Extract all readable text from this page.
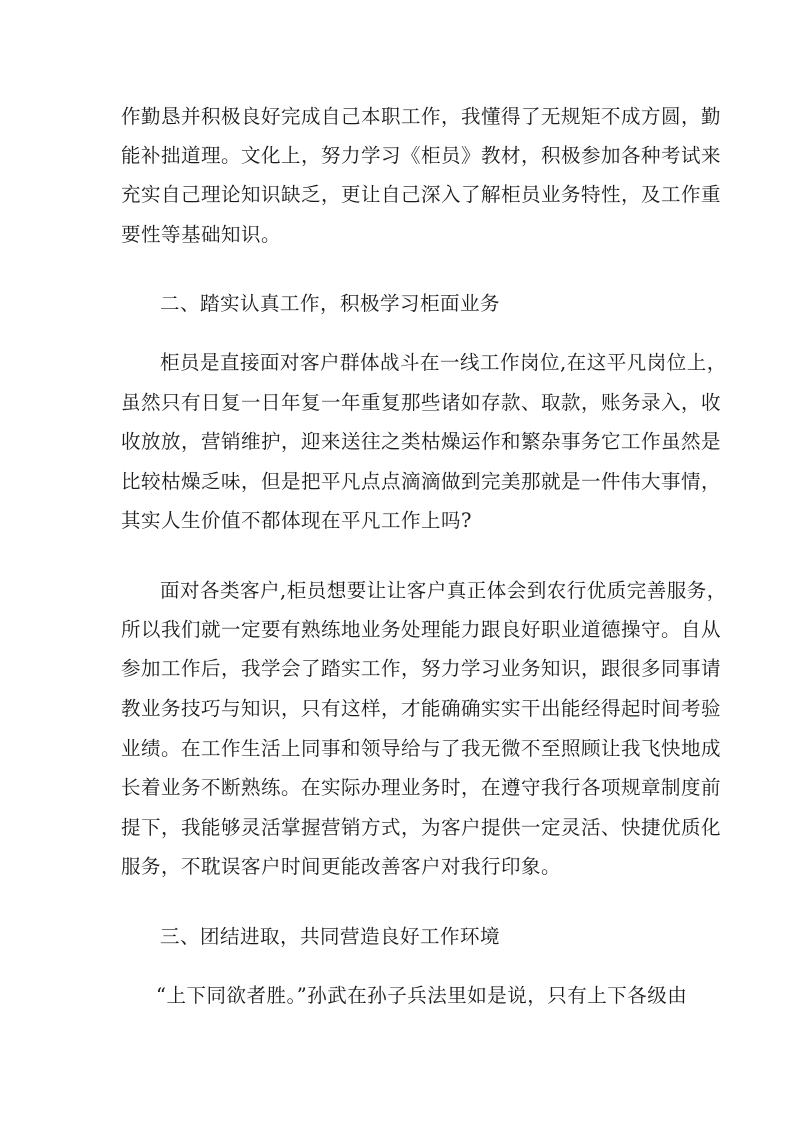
作勤恳并积极良好完成自己本职工作，我懂得了无规矩不成方圆，勤
能补拙道理。文化上，努力学习《柜员》教材，积极参加各种考试来
充实自己理论知识缺乏，更让自己深入了解柜员业务特性，及工作重
要性等基础知识。
二、踏实认真工作，积极学习柜面业务
柜员是直接面对客户群体战斗在一线工作岗位,在这平凡岗位上，
虽然只有日复一日年复一年重复那些诸如存款、取款，账务录入，收
收放放，营销维护，迎来送往之类枯燥运作和繁杂事务它工作虽然是
比较枯燥乏味，但是把平凡点点滴滴做到完美那就是一件伟大事情，
其实人生价值不都体现在平凡工作上吗?
面对各类客户,柜员想要让让客户真正体会到农行优质完善服务，
所以我们就一定要有熟练地业务处理能力跟良好职业道德操守。自从
参加工作后，我学会了踏实工作，努力学习业务知识，跟很多同事请
教业务技巧与知识，只有这样，才能确确实实干出能经得起时间考验
业绩。在工作生活上同事和领导给与了我无微不至照顾让我飞快地成
长着业务不断熟练。在实际办理业务时，在遵守我行各项规章制度前
提下，我能够灵活掌握营销方式，为客户提供一定灵活、快捷优质化
服务，不耽误客户时间更能改善客户对我行印象。
三、团结进取，共同营造良好工作环境
“上下同欲者胜。”孙武在孙子兵法里如是说，只有上下各级由
